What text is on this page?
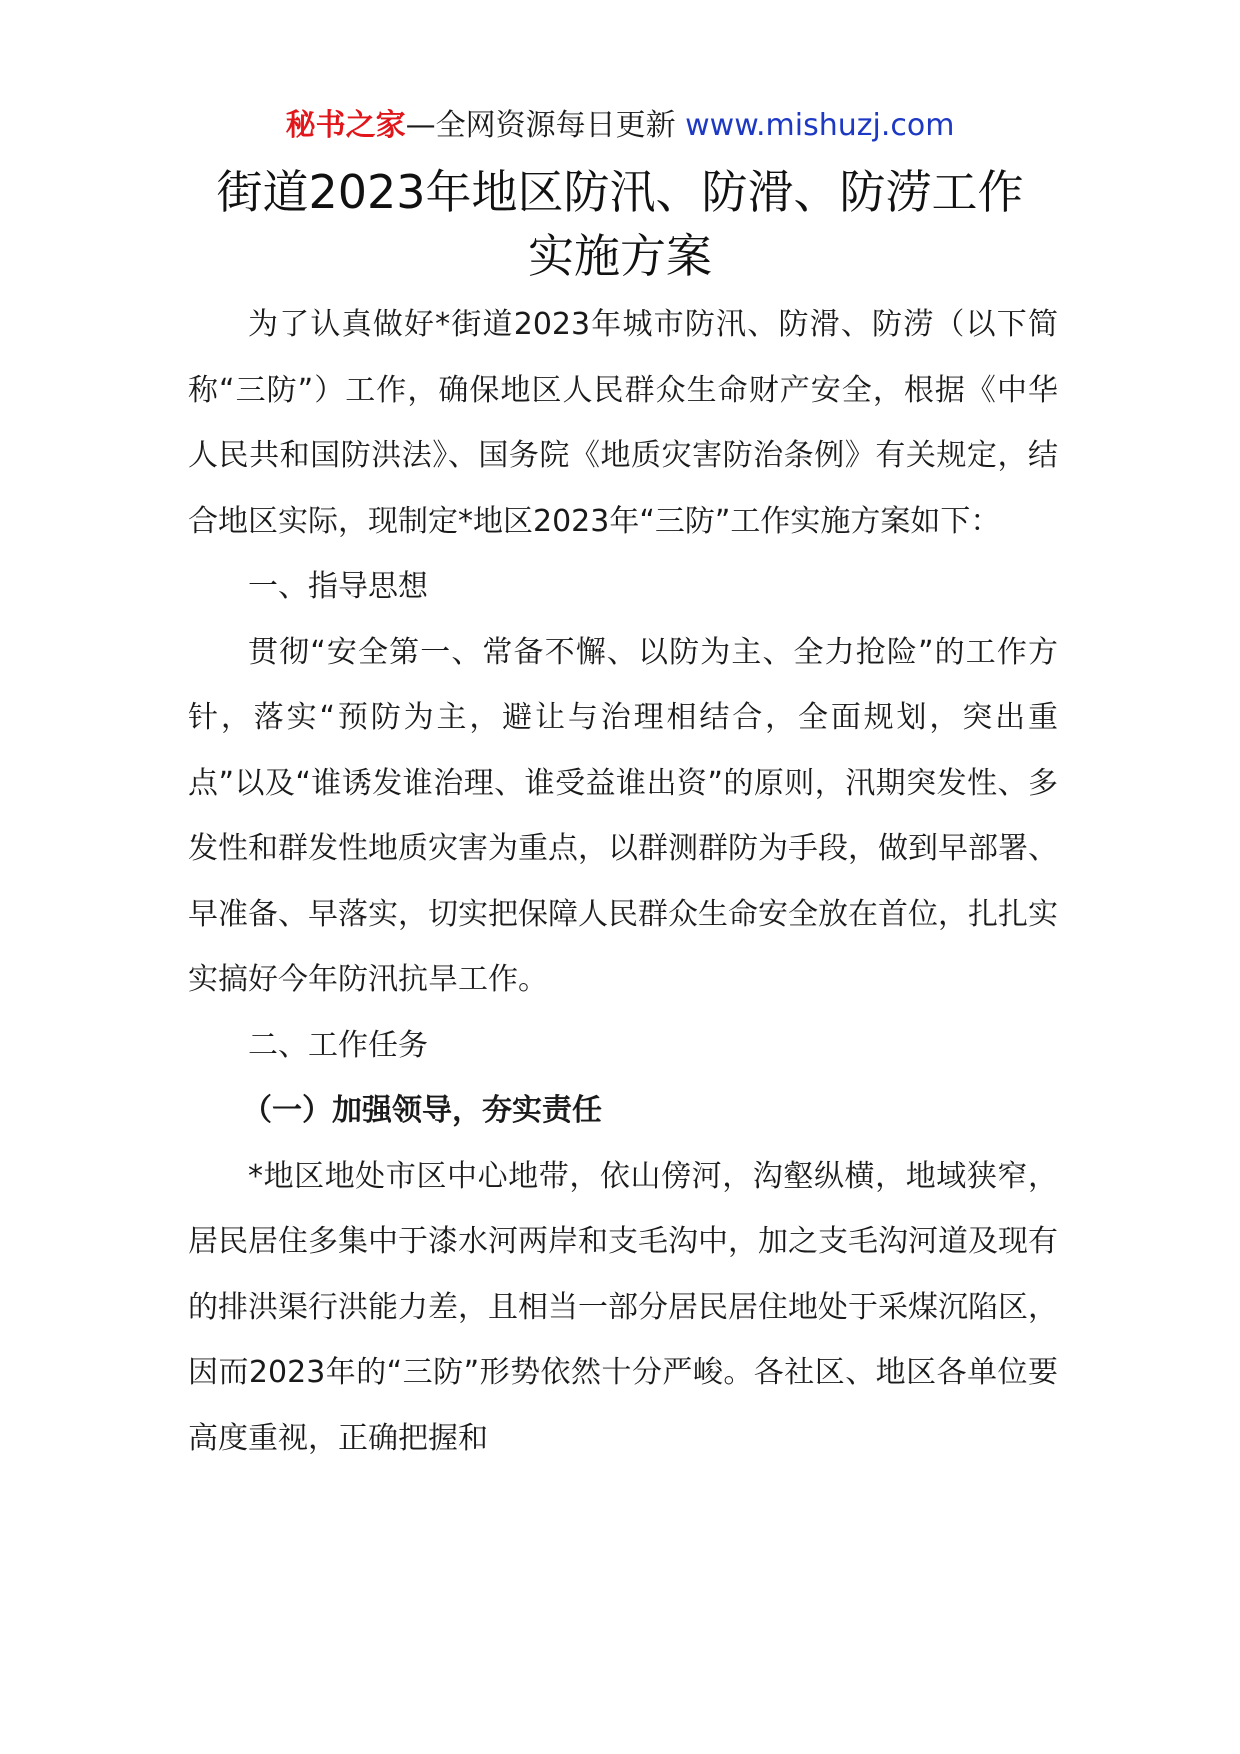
秘书之家—全网资源每日更新 www.mishuzj.com
街道2023年地区防汛、防滑、防涝工作
实施方案

为了认真做好*街道2023年城市防汛、防滑、防涝（以下简称“三防”）工作，确保地区人民群众生命财产安全，根据《中华人民共和国防洪法》、国务院《地质灾害防治条例》有关规定，结合地区实际，现制定*地区2023年“三防”工作实施方案如下：

一、指导思想

贯彻“安全第一、常备不懈、以防为主、全力抢险”的工作方针，落实“预防为主，避让与治理相结合，全面规划，突出重点”以及“谁诱发谁治理、谁受益谁出资”的原则，汛期突发性、多发性和群发性地质灾害为重点，以群测群防为手段，做到早部署、早准备、早落实，切实把保障人民群众生命安全放在首位，扎扎实实搞好今年防汛抗旱工作。

二、工作任务
（一）加强领导，夯实责任

*地区地处市区中心地带，依山傍河，沟壑纵横，地域狭窄，居民居住多集中于漆水河两岸和支毛沟中，加之支毛沟河道及现有的排洪渠行洪能力差，且相当一部分居民居住地处于采煤沉陷区，因而2023年的“三防”形势依然十分严峻。各社区、地区各单位要高度重视，正确把握和
